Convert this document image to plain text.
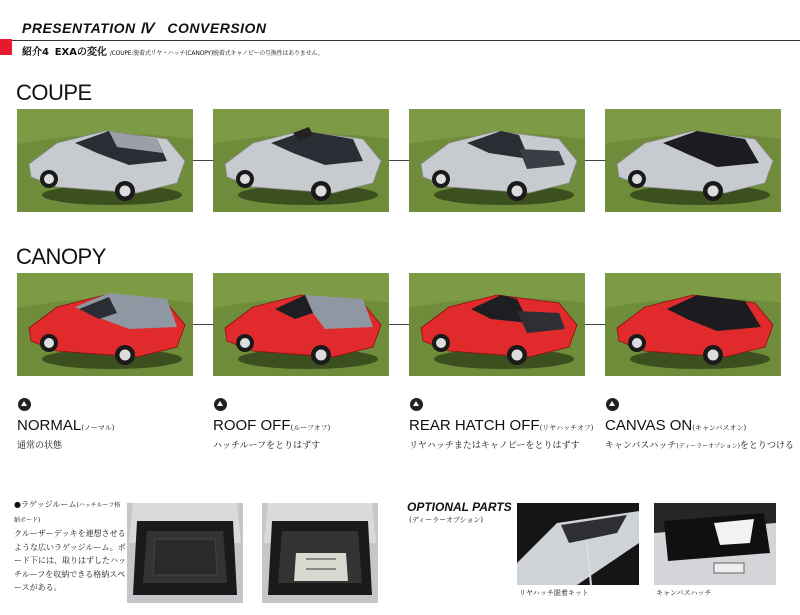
PRESENTATION Ⅳ CONVERSION
紹介4 EXAの変化 /COUPE:脱着式リヤ・ハッチ(CANOPY)脱着式キャノピーの互換性はありません。
COUPE
CANOPY
NORMAL(ノーマル)
通常の状態
ROOF OFF(ルーフオフ)
ハッチルーフをとりはずす
REAR HATCH OFF(リヤハッチオフ)
リヤハッチまたはキャノピーをとりはずす
CANVAS ON(キャンバスオン)
キャンバスハッチ(ディーラーオプション)をとりつける
●ラゲッジルーム(ハッチルーフ格納ボード)
クルーザーデッキを連想させるような広いラゲッジルーム。ボード下には、取りはずしたハッチルーフを収納できる格納スペースがある。
OPTIONAL PARTS
(ディーラーオプション)
リヤハッチ脱着キット	キャンバスハッチ
